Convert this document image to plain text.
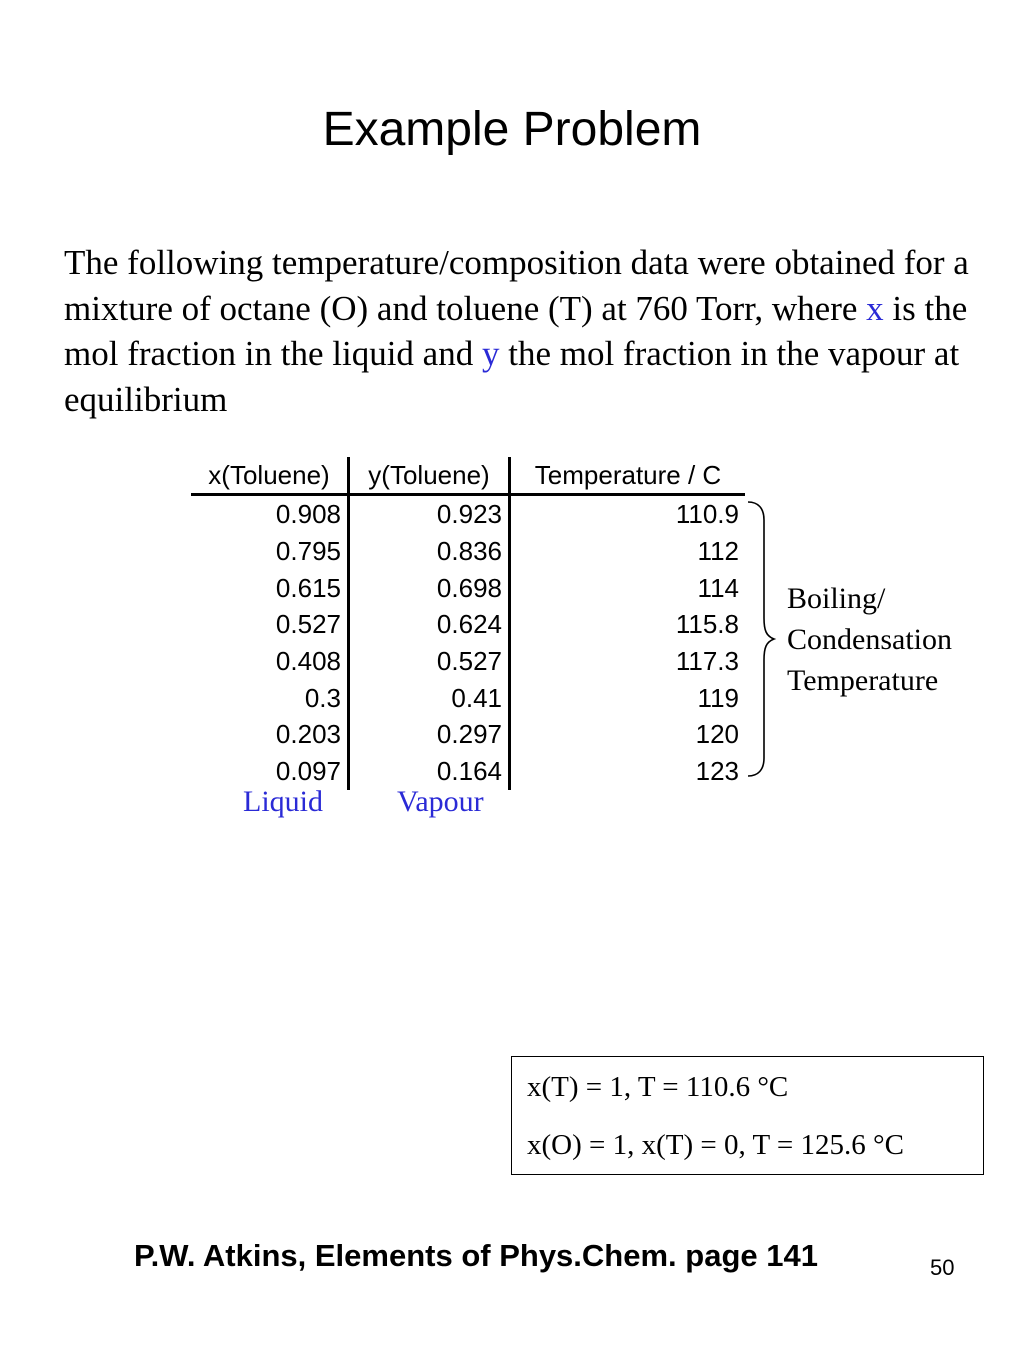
Example Problem
The following temperature/composition data were obtained for a mixture of octane (O) and toluene (T) at 760 Torr, where x is the mol fraction in the liquid and y the mol fraction in the vapour at equilibrium
x(Toluene)	y(Toluene)	Temperature / C
0.908	0.923	110.9
0.795	0.836	112
0.615	0.698	114
0.527	0.624	115.8
0.408	0.527	117.3
0.3	0.41	119
0.203	0.297	120
0.097	0.164	123
Liquid Vapour
Boiling/
Condensation
Temperature
x(T) = 1, T = 110.6 °C
x(O) = 1, x(T) = 0, T = 125.6 °C
P.W. Atkins, Elements of Phys.Chem. page 141	50
